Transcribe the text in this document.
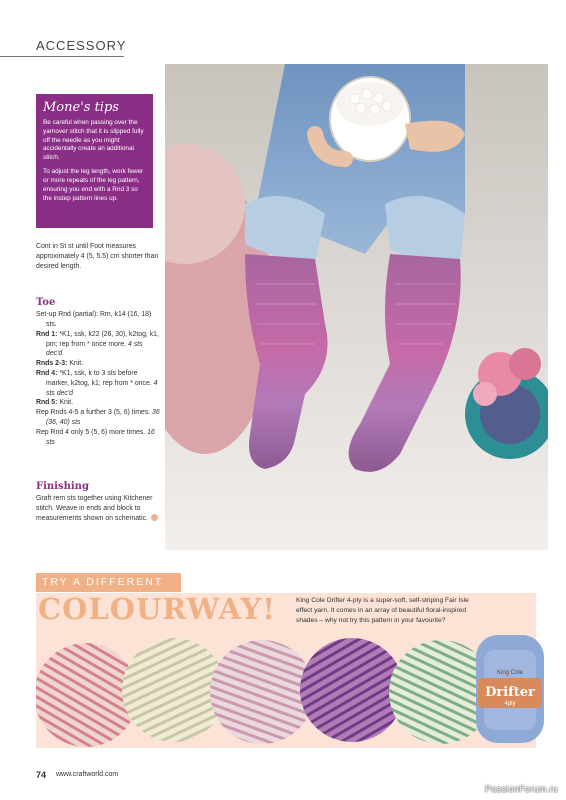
ACCESSORY
Mone's tips

Be careful when passing over the yarnover stitch that it is slipped fully off the needle as you might accidentally create an additional stitch.

To adjust the leg length, work fewer or more repeats of the leg pattern, ensuring you end with a Rnd 3 so the instep pattern lines up.

Cont in St st until Foot measures approximately 4 (5, 5.5) cm shorter than desired length.
Toe
Set-up Rnd (partial): Rm, k14 (16, 18) sts.
Rnd 1: *K1, ssk, k22 (26, 30), k2tog, k1, pm; rep from * once more. 4 sts dec'd
Rnds 2-3: Knit.
Rnd 4: *K1, ssk, k to 3 sts before marker, k2tog, k1; rep from * once. 4 sts dec'd
Rnd 5: Knit.
Rep Rnds 4-5 a further 3 (5, 6) times. 36 (36, 40) sts
Rep Rnd 4 only 5 (5, 6) more times. 16 sts
Finishing
Graft rem sts together using Kitchener stitch. Weave in ends and block to measurements shown on schematic.
TRY A DIFFERENT
COLOURWAY!	King Cole Drifter 4-ply is a super-soft, self-striping Fair Isle effect yarn. It comes in an array of beautiful floral-inspired shades – why not try this pattern in your favourite?
King Cole
Drifter
4ply
74 www.craftworld.com
PassionForum.ru
